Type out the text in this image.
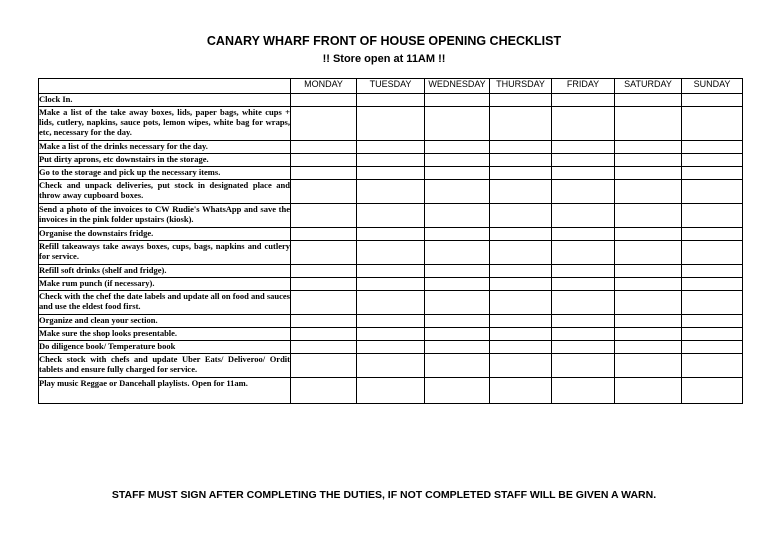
CANARY WHARF FRONT OF HOUSE OPENING CHECKLIST
!! Store open at 11AM !!
	MONDAY	TUESDAY	WEDNESDAY	THURSDAY	FRIDAY	SATURDAY	SUNDAY
Clock In.							
Make a list of the take away boxes, lids, paper bags, white cups + lids, cutlery, napkins, sauce pots, lemon wipes, white bag for wraps, etc, necessary for the day.							
Make a list of the drinks necessary for the day.							
Put dirty aprons, etc downstairs in the storage.							
Go to the storage and pick up the necessary items.							
Check and unpack deliveries, put stock in designated place and throw away cupboard boxes.							
Send a photo of the invoices to CW Rudie's WhatsApp and save the invoices in the pink folder upstairs (kiosk).							
Organise the downstairs fridge.							
Refill takeaways take aways boxes, cups, bags, napkins and cutlery for service.							
Refill soft drinks (shelf and fridge).							
Make rum punch (if necessary).							
Check with the chef the date labels and update all on food and sauces and use the eldest food first.							
Organize and clean your section.							
Make sure the shop looks presentable.							
Do diligence book/ Temperature book							
Check stock with chefs and update Uber Eats/ Deliveroo/ Ordit tablets and ensure fully charged for service.							
Play music Reggae or Dancehall playlists. Open for 11am.							
STAFF MUST SIGN AFTER COMPLETING THE DUTIES, IF NOT COMPLETED STAFF WILL BE GIVEN A WARN.
